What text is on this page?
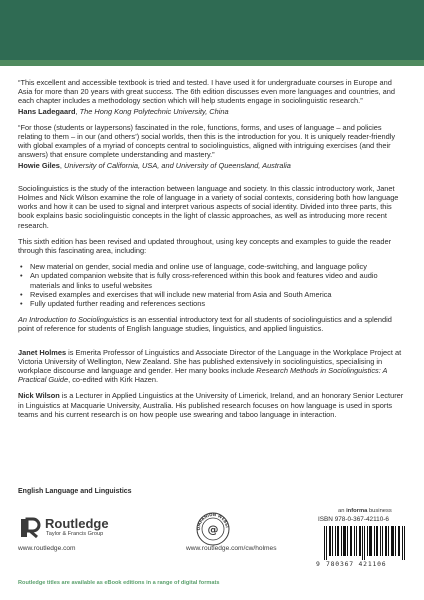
“This excellent and accessible textbook is tried and tested. I have used it for undergraduate courses in Europe and Asia for more than 20 years with great success. The 6th edition discusses even more languages and countries, and each chapter includes a methodology section which will help students engage in sociolinguistic research.”

Hans Ladegaard, The Hong Kong Polytechnic University, China

“For those (students or laypersons) fascinated in the role, functions, forms, and uses of language – and policies relating to them – in our (and others’) social worlds, then this is the introduction for you. It is uniquely reader-friendly with global examples of a myriad of concepts central to sociolinguistics, aligned with intriguing exercises (and their answers) that ensure complete understanding and mastery.”

Howie Giles, University of California, USA, and University of Queensland, Australia

Sociolinguistics is the study of the interaction between language and society. In this classic introductory work, Janet Holmes and Nick Wilson examine the role of language in a variety of social contexts, considering both how language works and how it can be used to signal and interpret various aspects of social identity. Divided into three parts, this book explains basic sociolinguistic concepts in the light of classic approaches, as well as introducing more recent research.

This sixth edition has been revised and updated throughout, using key concepts and examples to guide the reader through this fascinating area, including:

• New material on gender, social media and online use of language, code-switching, and language policy
• An updated companion website that is fully cross-referenced within this book and features video and audio materials and links to useful websites
• Revised examples and exercises that will include new material from Asia and South America
• Fully updated further reading and references sections

An Introduction to Sociolinguistics is an essential introductory text for all students of sociolinguistics and a splendid point of reference for students of English language studies, linguistics, and applied linguistics.

Janet Holmes is Emerita Professor of Linguistics and Associate Director of the Language in the Workplace Project at Victoria University of Wellington, New Zealand. She has published extensively in sociolinguistics, specialising in workplace discourse and language and gender. Her many books include Research Methods in Sociolinguistics: A Practical Guide, co-edited with Kirk Hazen.

Nick Wilson is a Lecturer in Applied Linguistics at the University of Limerick, Ireland, and an honorary Senior Lecturer in Linguistics at Macquarie University, Australia. His published research focuses on how language is used in sports teams and his current research is on how people use swearing and taboo language in interaction.

English Language and Linguistics
Routledge
Taylor & Francis Group
www.routledge.com
OMPANION WEBSI
@
www.routledge.com/cw/holmes
an informa business
ISBN 978-0-367-42110-6
9 780367 421106
Routledge titles are available as eBook editions in a range of digital formats
